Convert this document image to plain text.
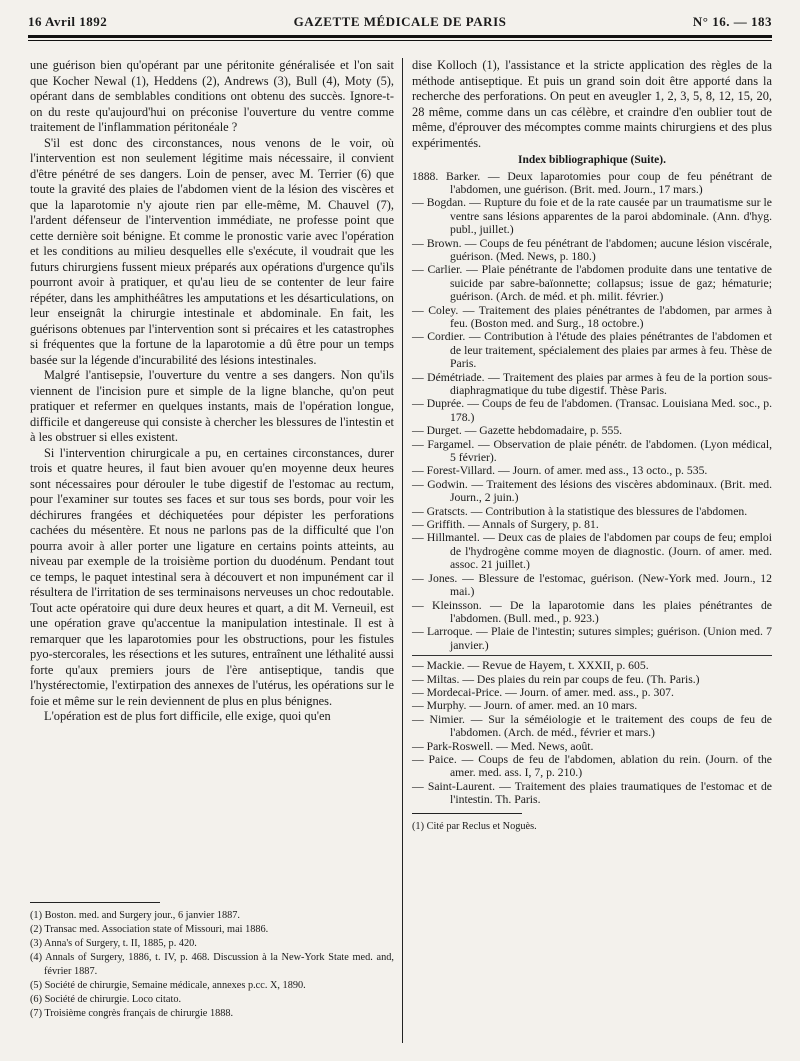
16 Avril 1892	GAZETTE MÉDICALE DE PARIS	N° 16. — 183

une guérison bien qu'opérant par une péritonite généralisée et l'on sait que Kocher Newal (1), Heddens (2), Andrews (3), Bull (4), Moty (5), opérant dans de semblables conditions ont obtenu des succès. Ignore-t-on du reste qu'aujourd'hui on préconise l'ouverture du ventre comme traitement de l'inflammation péritonéale ?

S'il est donc des circonstances, nous venons de le voir, où l'intervention est non seulement légitime mais nécessaire, il convient d'être pénétré de ses dangers. Loin de penser, avec M. Terrier (6) que toute la gravité des plaies de l'abdomen vient de la lésion des viscères et que la laparotomie n'y ajoute rien par elle-même, M. Chauvel (7), l'ardent défenseur de l'intervention immédiate, ne professe point que cette dernière soit bénigne. Et comme le pronostic varie avec l'opération et les conditions au milieu desquelles elle s'exécute, il voudrait que les futurs chirurgiens fussent mieux préparés aux opérations d'urgence qu'ils pourront avoir à pratiquer, et qu'au lieu de se contenter de leur faire répéter, dans les amphithéâtres les amputations et les désarticulations, on leur enseignât la chirurgie intestinale et abdominale. En fait, les guérisons obtenues par l'intervention sont si précaires et les catastrophes si fréquentes que la fortune de la laparotomie a dû être pour un temps basée sur la légende d'incurabilité des lésions intestinales.

Malgré l'antisepsie, l'ouverture du ventre a ses dangers. Non qu'ils viennent de l'incision pure et simple de la ligne blanche, qu'on peut pratiquer et refermer en quelques instants, mais de l'opération longue, difficile et dangereuse qui consiste à chercher les blessures de l'intestin et à les obstruer si elles existent.

Si l'intervention chirurgicale a pu, en certaines circonstances, durer trois et quatre heures, il faut bien avouer qu'en moyenne deux heures sont nécessaires pour dérouler le tube digestif de l'estomac au rectum, pour l'examiner sur toutes ses faces et sur tous ses bords, pour voir les déchirures frangées et déchiquetées pour dépister les perforations cachées du mésentère. Et nous ne parlons pas de la difficulté que l'on pourra avoir à aller porter une ligature en certains points atteints, au niveau par exemple de la troisième portion du duodénum. Pendant tout ce temps, le paquet intestinal sera à découvert et non impunément car il résultera de l'irritation de ses terminaisons nerveuses un choc redoutable. Tout acte opératoire qui dure deux heures et quart, a dit M. Verneuil, est une opération grave qu'accentue la manipulation intestinale. Il est à remarquer que les laparotomies pour les obstructions, pour les fistules pyo-stercorales, les résections et les sutures, entraînent une léthalité aussi forte qu'aux premiers jours de l'ère antiseptique, tandis que l'hystérectomie, l'extirpation des annexes de l'utérus, les opérations sur le foie et même sur le rein deviennent de plus en plus bénignes.

L'opération est de plus fort difficile, elle exige, quoi qu'en

(1) Boston. med. and Surgery jour., 6 janvier 1887.
(2) Transac med. Association state of Missouri, mai 1886.
(3) Anna's of Surgery, t. II, 1885, p. 420.
(4) Annals of Surgery, 1886, t. IV, p. 468. Discussion à la New-York State med. and, février 1887.
(5) Société de chirurgie, Semaine médicale, annexes p.cc. X, 1890.
(6) Société de chirurgie. Loco citato.
(7) Troisième congrès français de chirurgie 1888.

dise Kolloch (1), l'assistance et la stricte application des règles de la méthode antiseptique. Et puis un grand soin doit être apporté dans la recherche des perforations. On peut en aveugler 1, 2, 3, 5, 8, 12, 15, 20, 28 même, comme dans un cas célèbre, et craindre d'en oublier tout de même, d'éprouver des mécomptes comme maints chirurgiens et des plus expérimentés.

Index bibliographique (Suite).

1888. Barker. — Deux laparotomies pour coup de feu pénétrant de l'abdomen, une guérison. (Brit. med. Journ., 17 mars.)

— Bogdan. — Rupture du foie et de la rate causée par un traumatisme sur le ventre sans lésions apparentes de la paroi abdominale. (Ann. d'hyg. publ., juillet.)

— Brown. — Coups de feu pénétrant de l'abdomen; aucune lésion viscérale, guérison. (Med. News, p. 180.)

— Carlier. — Plaie pénétrante de l'abdomen produite dans une tentative de suicide par sabre-baïonnette; collapsus; issue de gaz; hématurie; guérison. (Arch. de méd. et ph. milit. février.)

— Coley. — Traitement des plaies pénétrantes de l'abdomen, par armes à feu. (Boston med. and Surg., 18 octobre.)

— Cordier. — Contribution à l'étude des plaies pénétrantes de l'abdomen et de leur traitement, spécialement des plaies par armes à feu. Thèse de Paris.

— Démétriade. — Traitement des plaies par armes à feu de la portion sous-diaphragmatique du tube digestif. Thèse Paris.

— Duprée. — Coups de feu de l'abdomen. (Transac. Louisiana Med. soc., p. 178.)

— Durget. — Gazette hebdomadaire, p. 555.

— Fargamel. — Observation de plaie pénétr. de l'abdomen. (Lyon médical, 5 février).

— Forest-Villard. — Journ. of amer. med ass., 13 octo., p. 535.

— Godwin. — Traitement des lésions des viscères abdominaux. (Brit. med. Journ., 2 juin.)

— Gratscts. — Contribution à la statistique des blessures de l'abdomen.

— Griffith. — Annals of Surgery, p. 81.

— Hillmantel. — Deux cas de plaies de l'abdomen par coups de feu; emploi de l'hydrogène comme moyen de diagnostic. (Journ. of amer. med. assoc. 21 juillet.)

— Jones. — Blessure de l'estomac, guérison. (New-York med. Journ., 12 mai.)

— Kleinsson. — De la laparotomie dans les plaies pénétrantes de l'abdomen. (Bull. med., p. 923.)

— Larroque. — Plaie de l'intestin; sutures simples; guérison. (Union med. 7 janvier.)

— Mackie. — Revue de Hayem, t. XXXII, p. 605.

— Miltas. — Des plaies du rein par coups de feu. (Th. Paris.)

— Mordecai-Price. — Journ. of amer. med. ass., p. 307.

— Murphy. — Journ. of amer. med. an 10 mars.

— Nimier. — Sur la séméiologie et le traitement des coups de feu de l'abdomen. (Arch. de méd., février et mars.)

— Park-Roswell. — Med. News, août.

— Paice. — Coups de feu de l'abdomen, ablation du rein. (Journ. of the amer. med. ass. I, 7, p. 210.)

— Saint-Laurent. — Traitement des plaies traumatiques de l'estomac et de l'intestin. Th. Paris.

(1) Cité par Reclus et Noguès.
